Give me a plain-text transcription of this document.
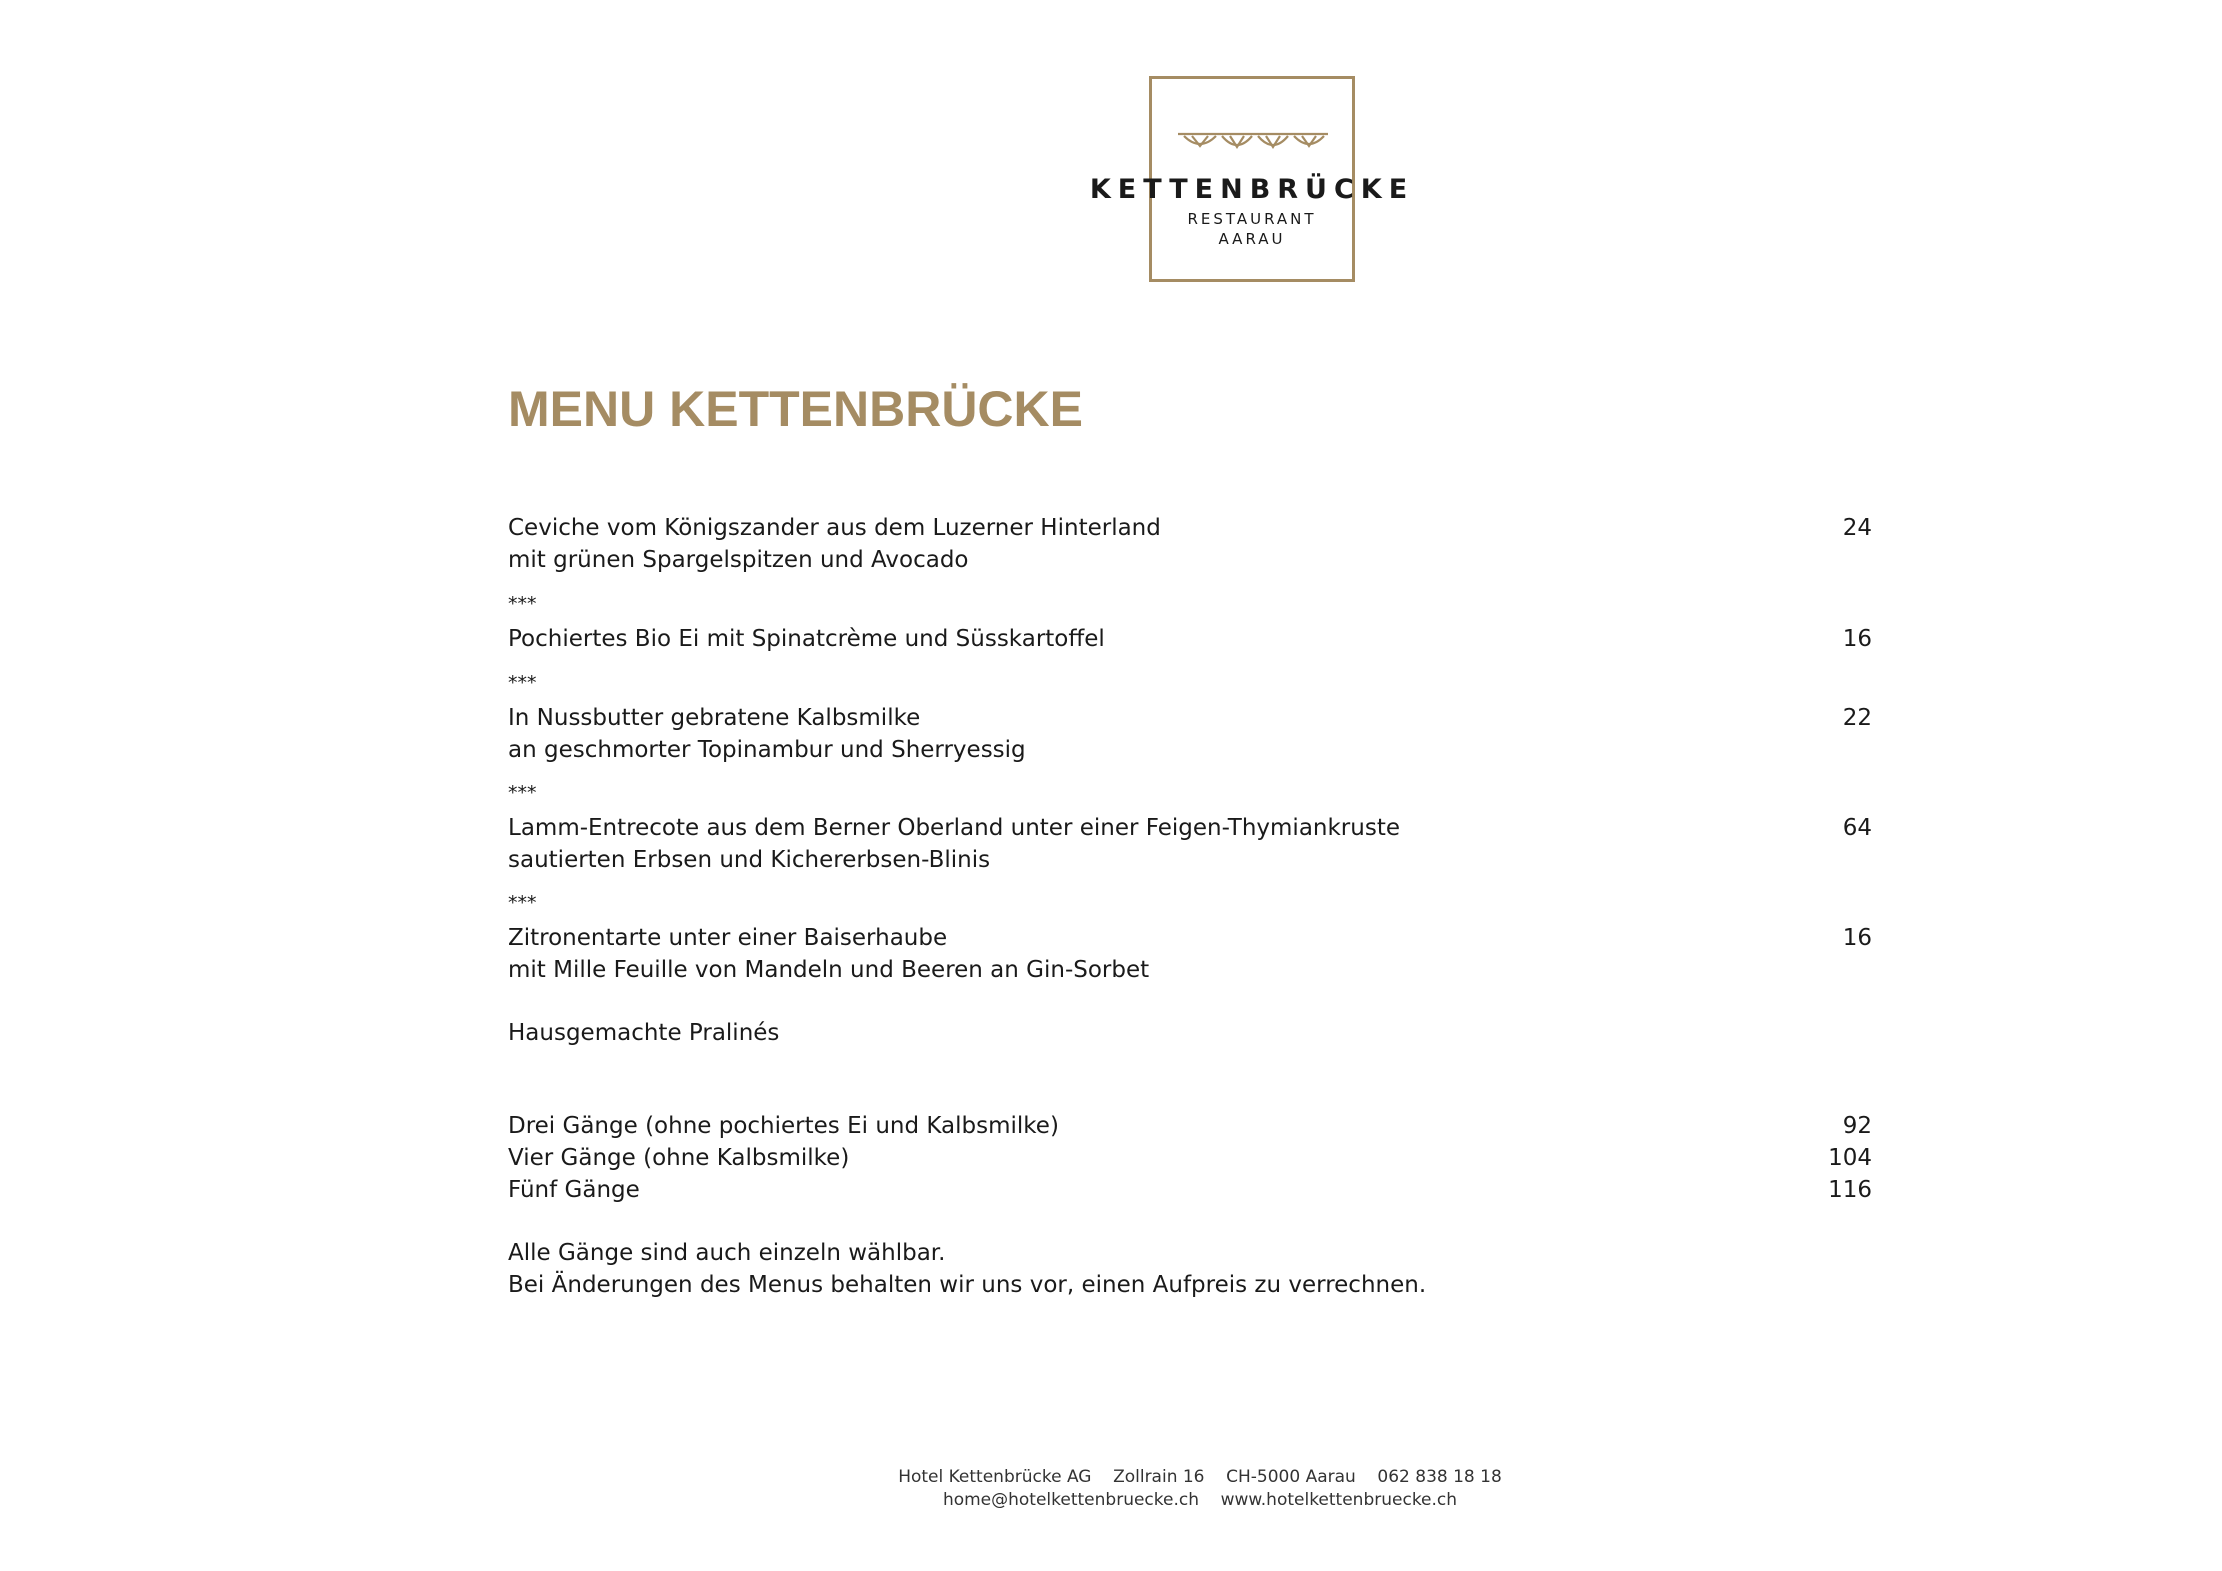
KETTENBRÜCKE
RESTAURANT
AARAU
MENU KETTENBRÜCKE
Ceviche vom Königszander aus dem Luzerner Hinterland
mit grünen Spargelspitzen und Avocado
24
***
Pochiertes Bio Ei mit Spinatcrème und Süsskartoffel	16
***
In Nussbutter gebratene Kalbsmilke
an geschmorter Topinambur und Sherryessig
22
***
Lamm-Entrecote aus dem Berner Oberland unter einer Feigen-Thymiankruste
sautierten Erbsen und Kichererbsen-Blinis
64
***
Zitronentarte unter einer Baiserhaube
mit Mille Feuille von Mandeln und Beeren an Gin-Sorbet
16
Hausgemachte Pralinés
Drei Gänge (ohne pochiertes Ei und Kalbsmilke)	92
Vier Gänge (ohne Kalbsmilke)	104
Fünf Gänge	116
Alle Gänge sind auch einzeln wählbar.
Bei Änderungen des Menus behalten wir uns vor, einen Aufpreis zu verrechnen.
Hotel Kettenbrücke AG    Zollrain 16    CH-5000 Aarau    062 838 18 18
home@hotelkettenbruecke.ch    www.hotelkettenbruecke.ch
